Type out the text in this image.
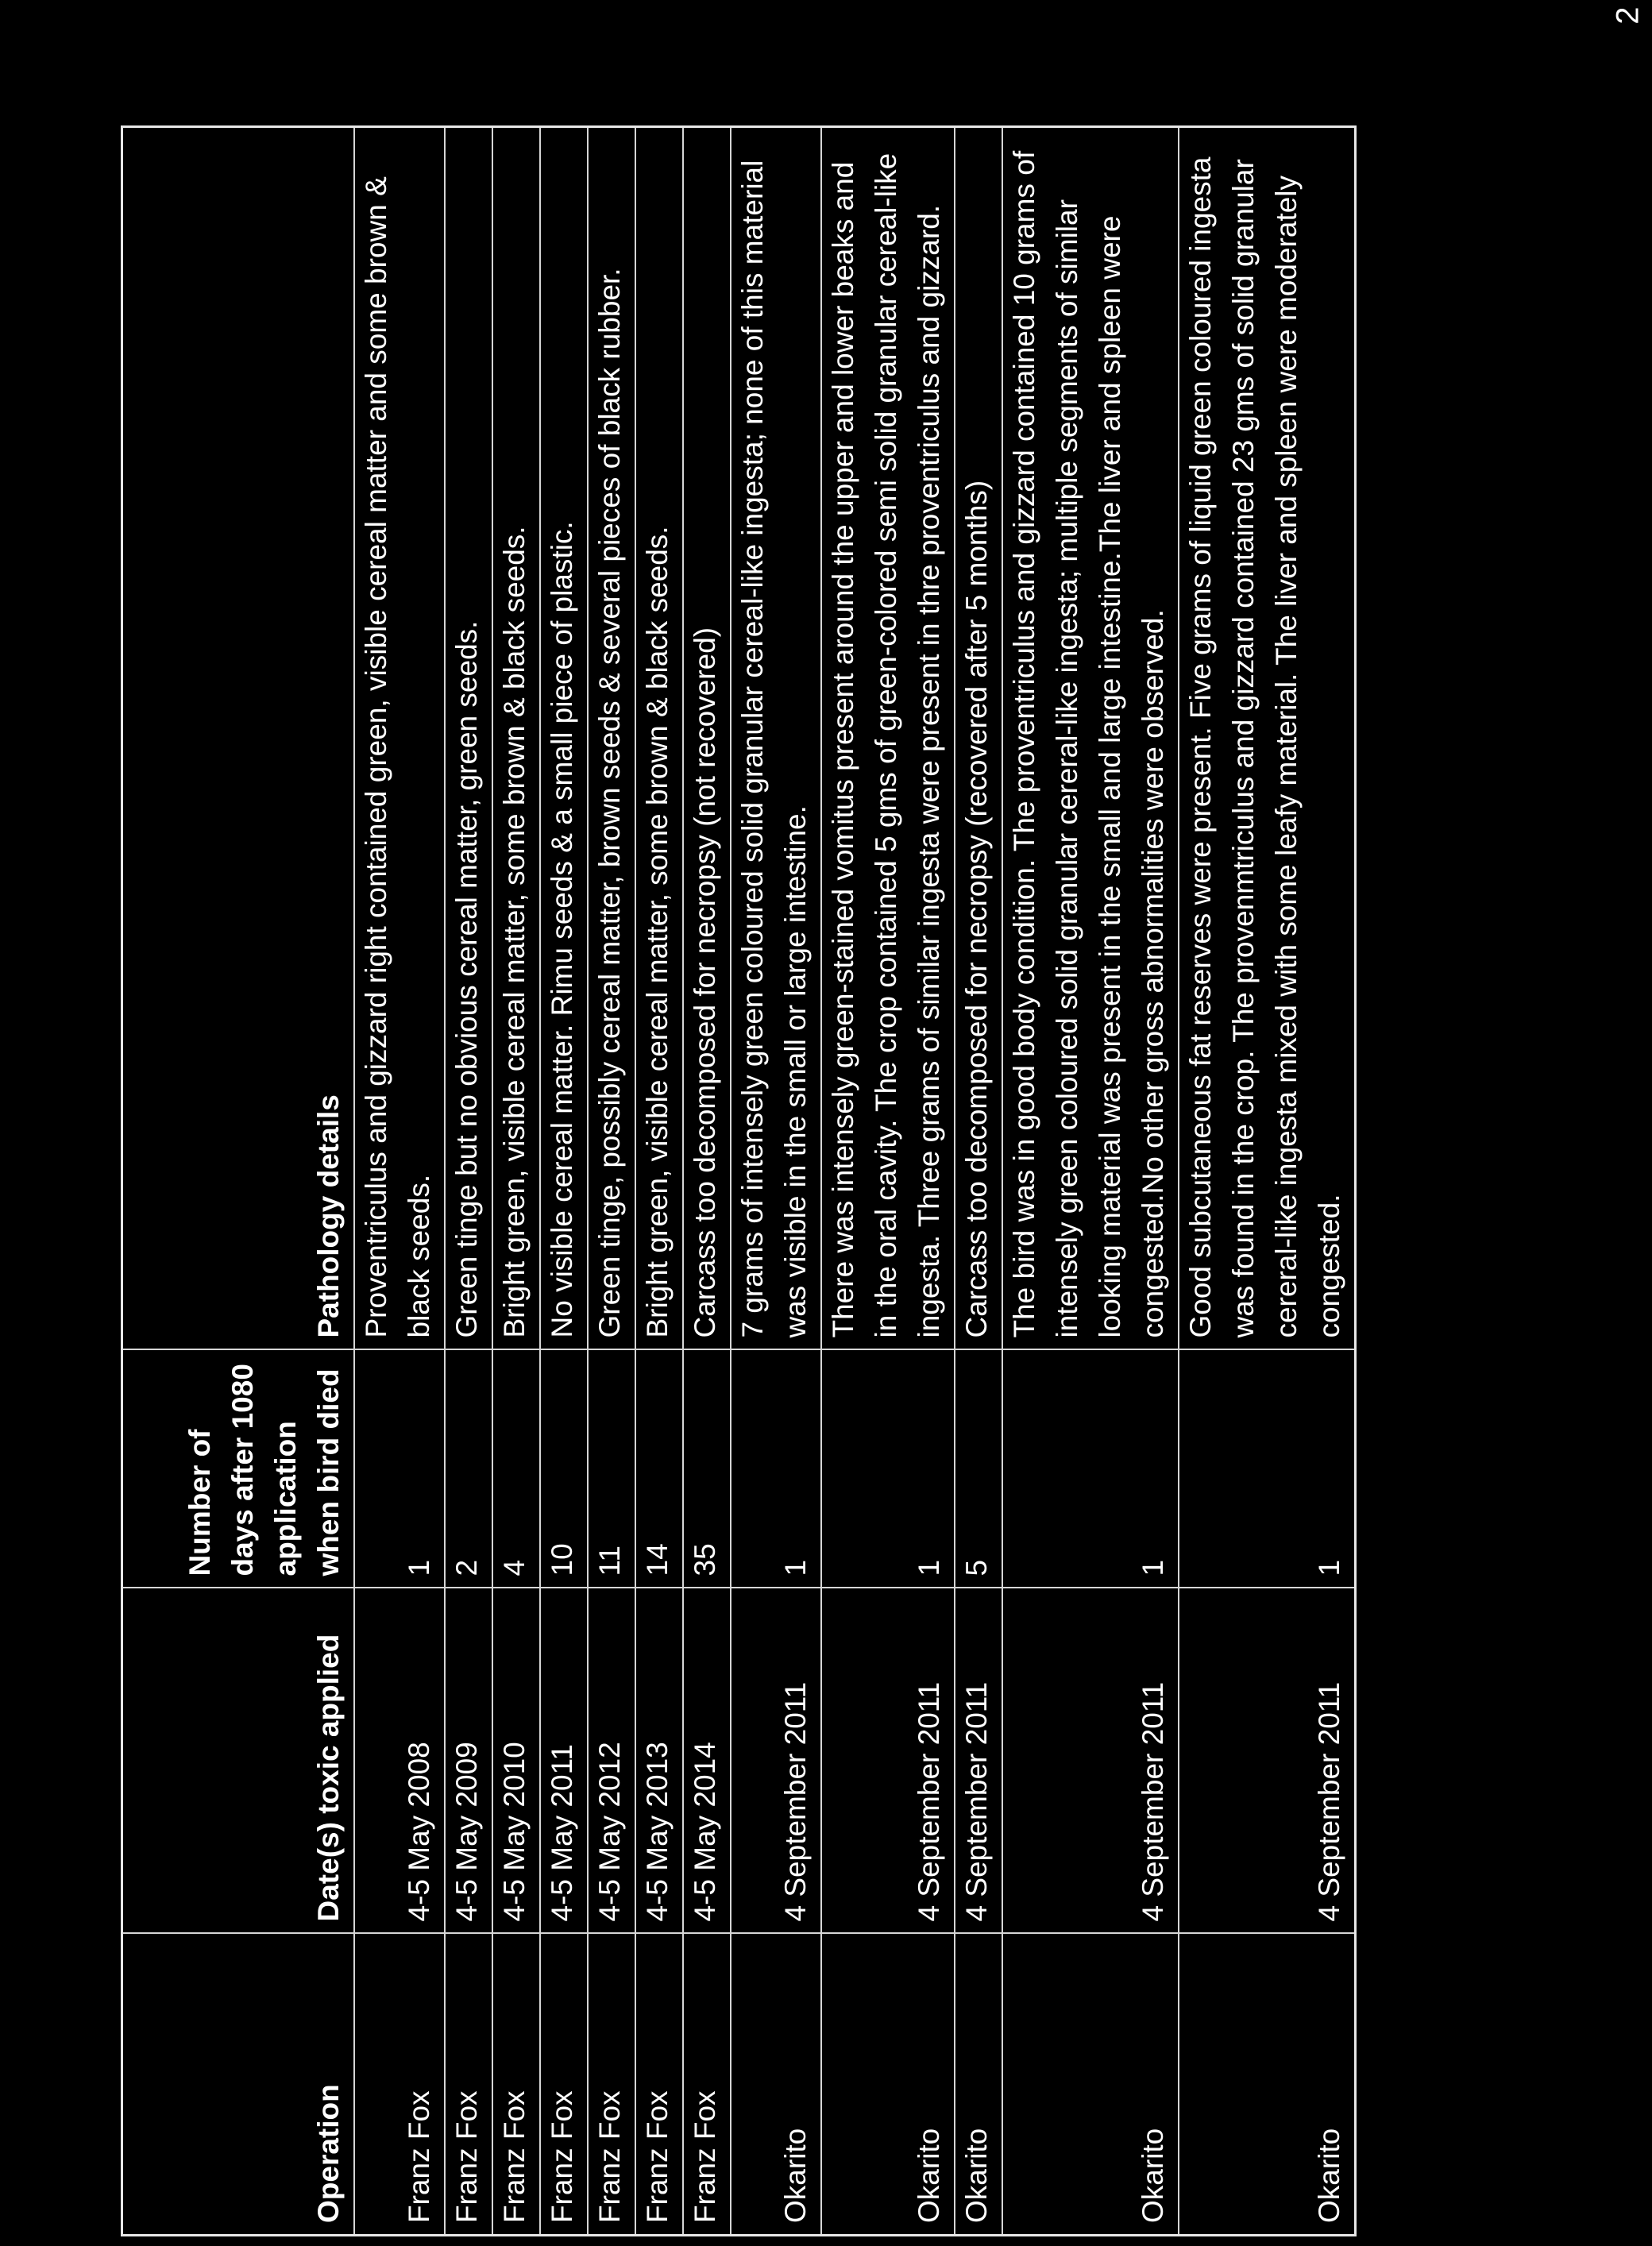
2
Operation	Date(s) toxic applied	Number of days after 1080 application when bird died	Pathology details
Franz Fox	4-5 May 2008	1	Proventriculus and gizzard right contained green, visible cereal matter and some brown & black seeds.
Franz Fox	4-5 May 2009	2	Green tinge but no obvious cereal matter, green seeds.
Franz Fox	4-5 May 2010	4	Bright green, visible cereal matter, some brown & black seeds.
Franz Fox	4-5 May 2011	10	No visible cereal matter. Rimu seeds & a small piece of plastic.
Franz Fox	4-5 May 2012	11	Green tinge, possibly cereal matter, brown seeds & several pieces of black rubber.
Franz Fox	4-5 May 2013	14	Bright green, visible cereal matter, some brown & black seeds.
Franz Fox	4-5 May 2014	35	Carcass too decomposed for necropsy (not recovered)
Okarito	4 September 2011	1	7 grams of intensely green coloured solid granular cereal-like ingesta; none of this material was visible in the small or large intestine.
Okarito	4 September 2011	1	There was intensely green-stained vomitus present around the upper and lower beaks and in the oral cavity. The crop contained 5 gms of green-colored semi solid granular cereal-like ingesta. Three grams of similar ingesta were present in thre proventriculus and gizzard.
Okarito	4 September 2011	5	Carcass too decomposed for necropsy (recovered after 5 months)
Okarito	4 September 2011	1	The bird was in good body condition. The proventriculus and gizzard contained 10 grams of intensely green coloured solid granular cereral-like ingesta; multiple segments of similar looking material was present in the small and large intestine.The liver and spleen were congested.No other gross abnormalities were observed.
Okarito	4 September 2011	1	Good subcutaneous fat reserves were present. Five grams of liquid green coloured ingesta was found in the crop. The provenmtriculus and gizzard contained 23 gms of solid granular cereral-like ingesta mixed with some leafy material. The liver and spleen were moderately congested.
